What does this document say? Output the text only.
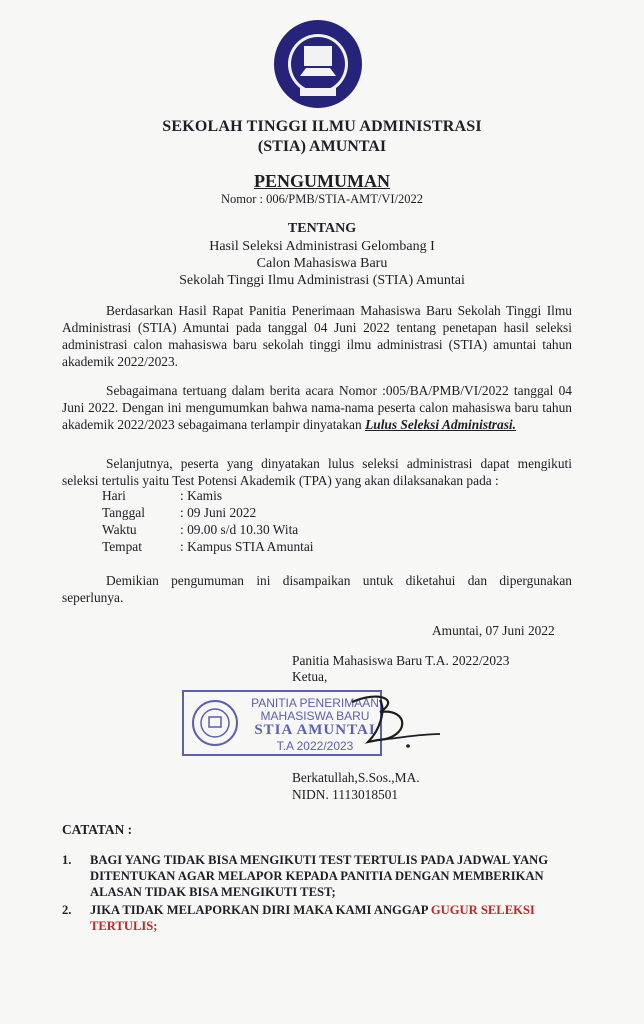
SEKOLAH TINGGI ILMU ADMINISTRASI
(STIA) AMUNTAI
PENGUMUMAN
Nomor : 006/PMB/STIA-AMT/VI/2022
TENTANG
Hasil Seleksi Administrasi Gelombang I
Calon Mahasiswa Baru
Sekolah Tinggi Ilmu Administrasi (STIA) Amuntai
Berdasarkan Hasil Rapat Panitia Penerimaan Mahasiswa Baru Sekolah Tinggi Ilmu Administrasi (STIA) Amuntai pada tanggal 04 Juni 2022 tentang penetapan hasil seleksi administrasi calon mahasiswa baru sekolah tinggi ilmu administrasi (STIA) amuntai tahun akademik 2022/2023.
Sebagaimana tertuang dalam berita acara Nomor :005/BA/PMB/VI/2022 tanggal 04 Juni 2022. Dengan ini mengumumkan bahwa nama-nama peserta calon mahasiswa baru tahun akademik 2022/2023 sebagaimana terlampir dinyatakan Lulus Seleksi Administrasi.
Selanjutnya, peserta yang dinyatakan lulus seleksi administrasi dapat mengikuti seleksi tertulis yaitu Test Potensi Akademik (TPA) yang akan dilaksanakan pada :
Hari	: Kamis
Tanggal	: 09 Juni 2022
Waktu	: 09.00 s/d 10.30 Wita
Tempat	: Kampus STIA Amuntai
Demikian pengumuman ini disampaikan untuk diketahui dan dipergunakan seperlunya.
Amuntai, 07 Juni 2022
Panitia Mahasiswa Baru T.A. 2022/2023
Ketua,
PANITIA PENERIMAAN
MAHASISWA BARU
STIA AMUNTAI
T.A 2022/2023
Berkatullah,S.Sos.,MA.
NIDN. 1113018501
CATATAN :
1. BAGI YANG TIDAK BISA MENGIKUTI TEST TERTULIS PADA JADWAL YANG DITENTUKAN AGAR MELAPOR KEPADA PANITIA DENGAN MEMBERIKAN ALASAN TIDAK BISA MENGIKUTI TEST;
2. JIKA TIDAK MELAPORKAN DIRI MAKA KAMI ANGGAP GUGUR SELEKSI TERTULIS;
